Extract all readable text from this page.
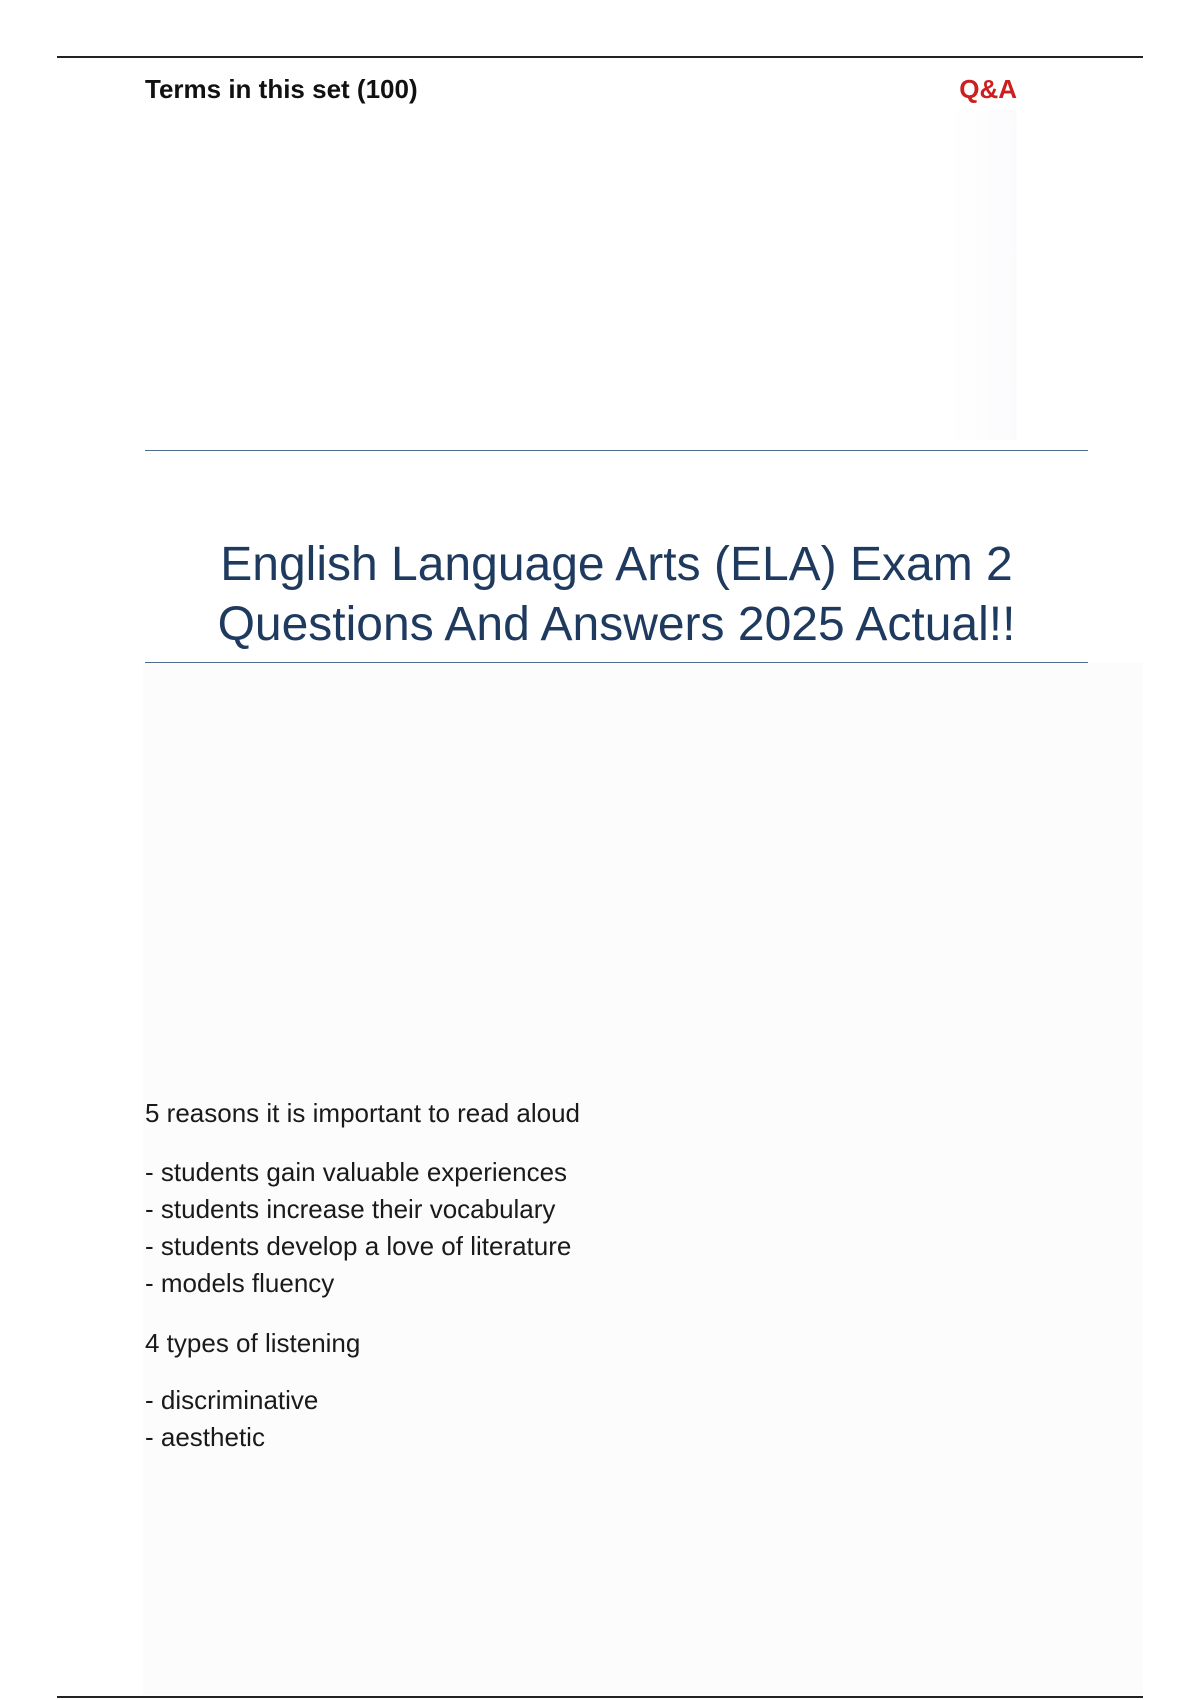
Terms in this set (100)	Q&A
English Language Arts (ELA) Exam 2
Questions And Answers 2025 Actual!!

5 reasons it is important to read aloud

- students gain valuable experiences
- students increase their vocabulary
- students develop a love of literature
- models fluency

4 types of listening

- discriminative
- aesthetic
